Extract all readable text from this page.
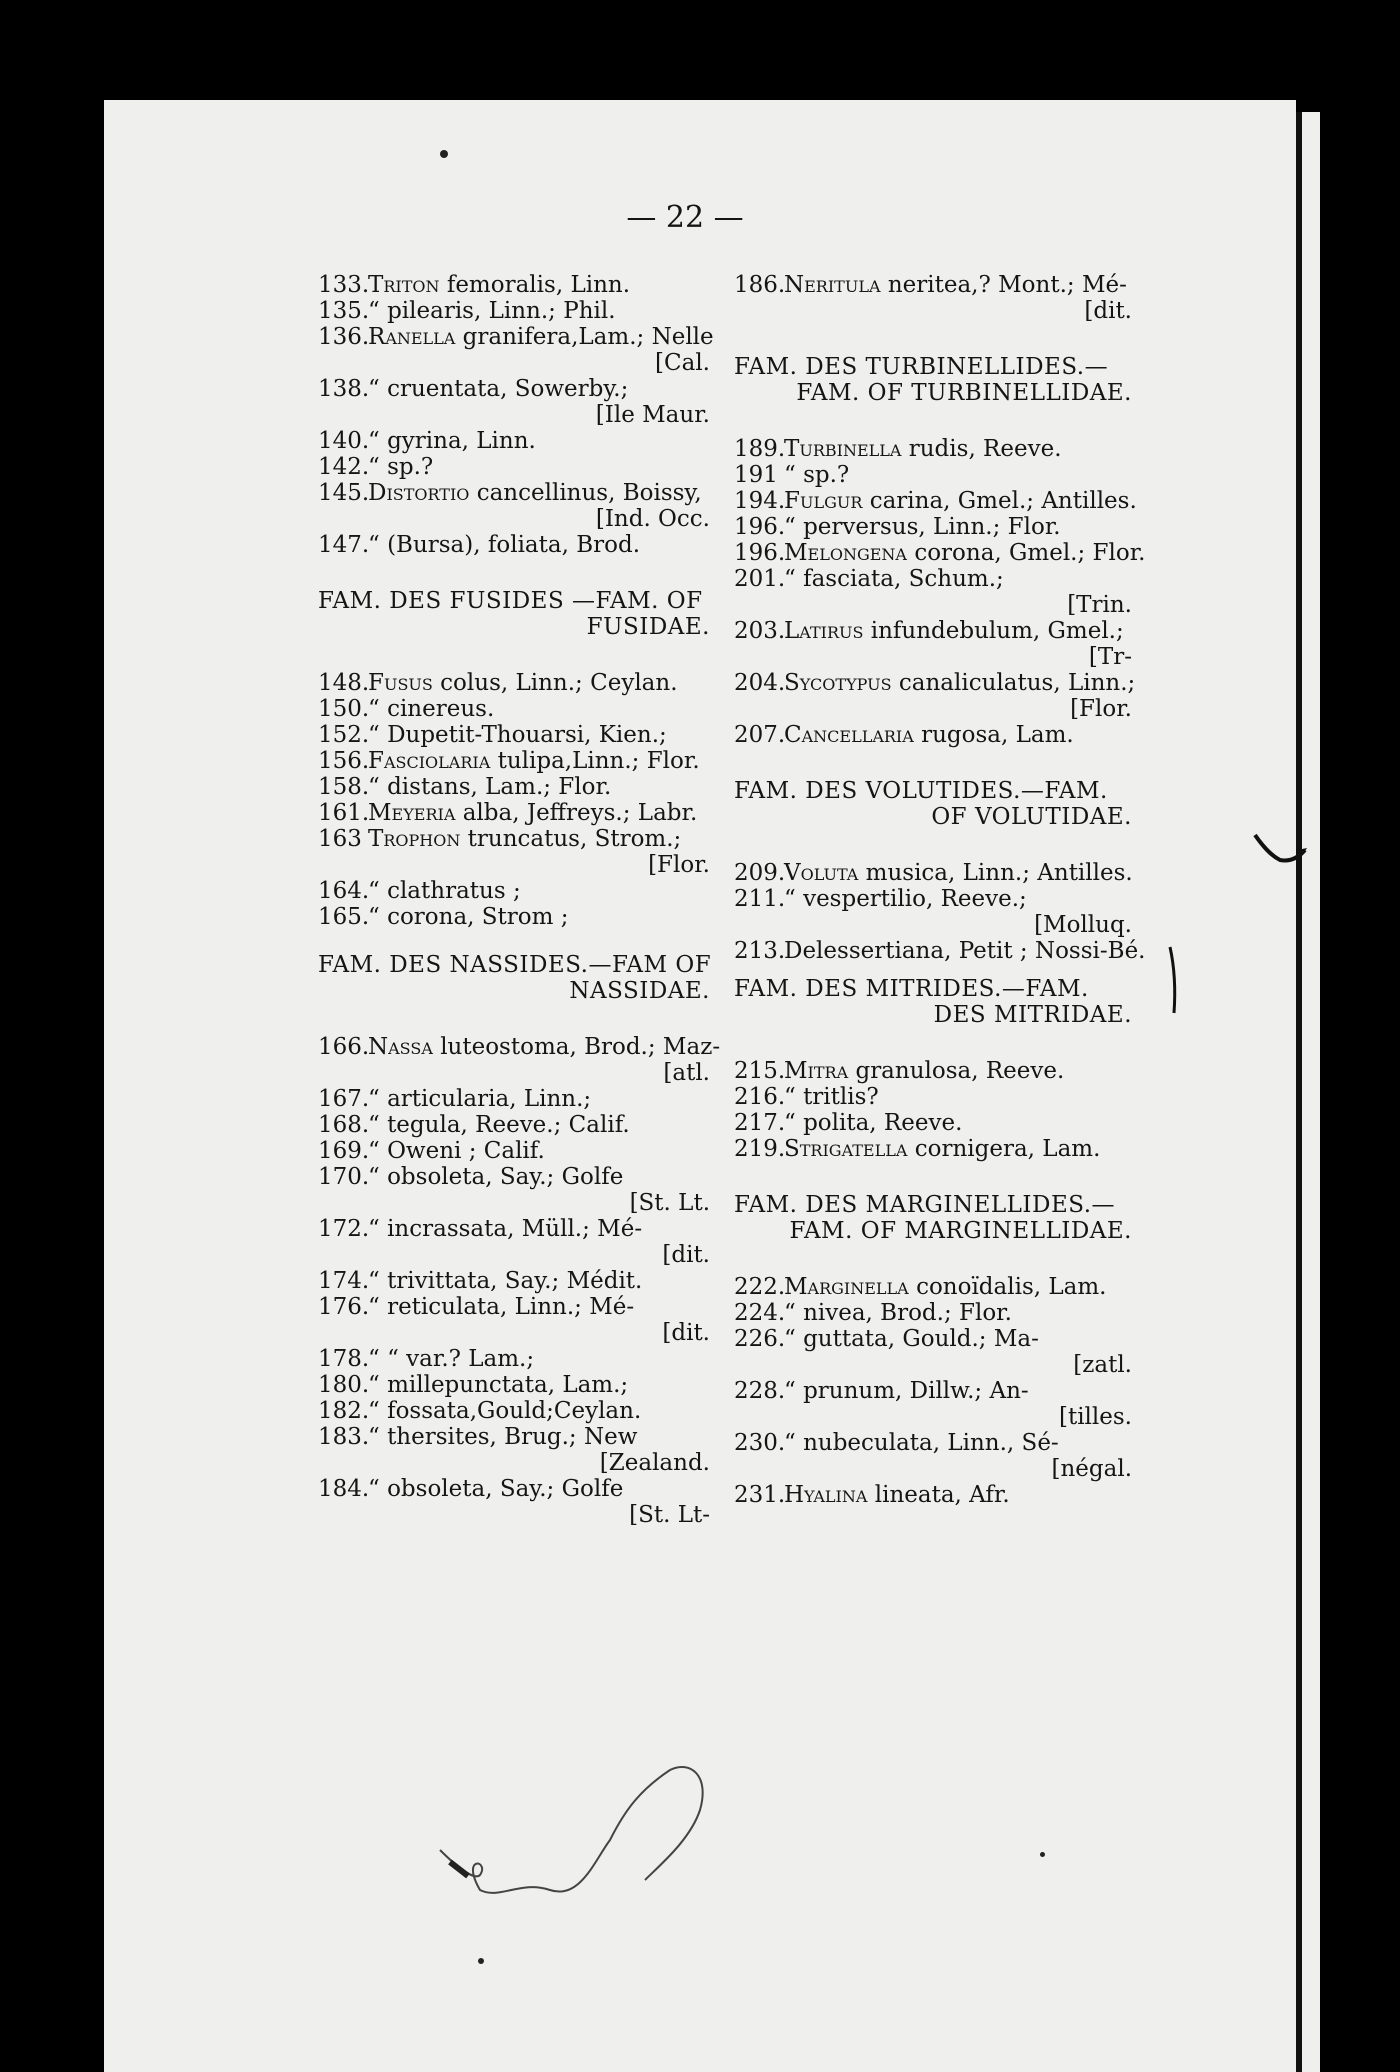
— 22 —
133.
Triton femoralis, Linn.
135.
“ pilearis, Linn.; Phil.
136.
Ranella granifera,Lam.; Nelle
[Cal.
138.
“ cruentata, Sowerby.;
[Ile Maur.
140.
“ gyrina, Linn.
142.
“ sp.?
145.
Distortio cancellinus, Boissy,
[Ind. Occ.
147.
“ (Bursa), foliata, Brod.
FAM. DES FUSIDES —FAM. OF
FUSIDAE.
148.
Fusus colus, Linn.; Ceylan.
150.
“ cinereus.
152.
“ Dupetit-Thouarsi, Kien.;
156.
Fasciolaria tulipa,Linn.; Flor.
158.
“ distans, Lam.; Flor.
161.
Meyeria alba, Jeffreys.; Labr.
163 Trophon truncatus, Strom.;
[Flor.
164.
“ clathratus ;
165.
“ corona, Strom ;
FAM. DES NASSIDES.—FAM OF
NASSIDAE.
166.
Nassa luteostoma, Brod.; Maz-
[atl.
167.
“ articularia, Linn.;
168.
“ tegula, Reeve.; Calif.
169.
“ Oweni ; Calif.
170.
“ obsoleta, Say.; Golfe
[St. Lt.
172.
“ incrassata, Müll.; Mé-
[dit.
174.
“ trivittata, Say.; Médit.
176.
“ reticulata, Linn.; Mé-
[dit.
178.
“ “ var.? Lam.;
180.
“ millepunctata, Lam.;
182.
“ fossata,Gould;Ceylan.
183.
“ thersites, Brug.; New
[Zealand.
184.
“ obsoleta, Say.; Golfe
[St. Lt-
186.
Neritula neritea,? Mont.; Mé-
[dit.
FAM. DES TURBINELLIDES.—
FAM. OF TURBINELLIDAE.
189.
Turbinella rudis, Reeve.
191 “ sp.?
194.
Fulgur carina, Gmel.; Antilles.
196.
“ perversus, Linn.; Flor.
196.
Melongena corona, Gmel.; Flor.
201.
“ fasciata, Schum.;
[Trin.
203.
Latirus infundebulum, Gmel.;
[Tr-
204.
Sycotypus canaliculatus, Linn.;
[Flor.
207.
Cancellaria rugosa, Lam.
FAM. DES VOLUTIDES.—FAM.
OF VOLUTIDAE.
209.
Voluta musica, Linn.; Antilles.
211.
“ vespertilio, Reeve.;
[Molluq.
213.
Delessertiana, Petit ; Nossi-Bé.
FAM. DES MITRIDES.—FAM.
DES MITRIDAE.
215.
Mitra granulosa, Reeve.
216.
“ tritlis?
217.
“ polita, Reeve.
219.
Strigatella cornigera, Lam.
FAM. DES MARGINELLIDES.—
FAM. OF MARGINELLIDAE.
222.
Marginella conoïdalis, Lam.
224.
“ nivea, Brod.; Flor.
226.
“ guttata, Gould.; Ma-
[zatl.
228.
“ prunum, Dillw.; An-
[tilles.
230.
“ nubeculata, Linn., Sé-
[négal.
231.
Hyalina lineata, Afr.
